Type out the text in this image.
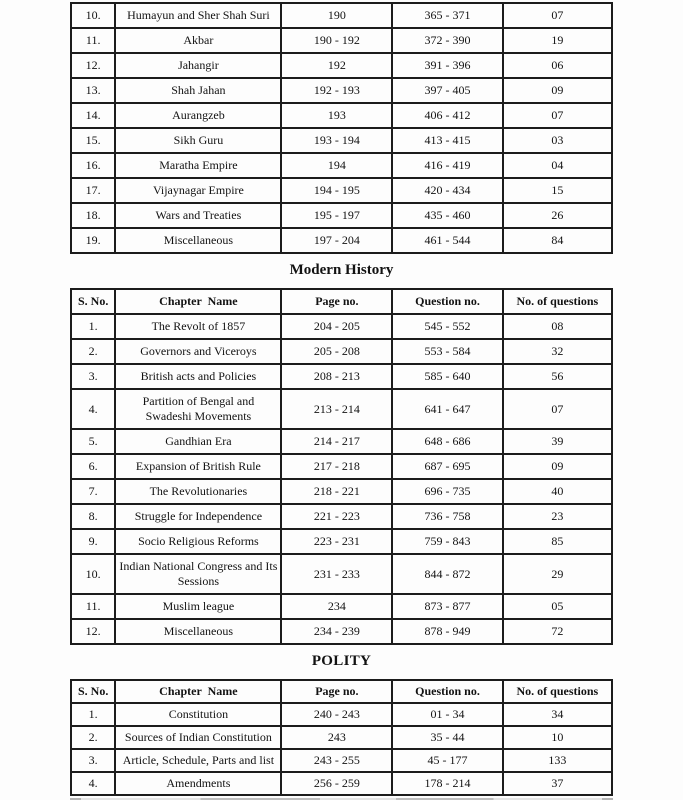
10.	Humayun and Sher Shah Suri	190	365 - 371	07
11.	Akbar	190 - 192	372 - 390	19
12.	Jahangir	192	391 - 396	06
13.	Shah Jahan	192 - 193	397 - 405	09
14.	Aurangzeb	193	406 - 412	07
15.	Sikh Guru	193 - 194	413 - 415	03
16.	Maratha Empire	194	416 - 419	04
17.	Vijaynagar Empire	194 - 195	420 - 434	15
18.	Wars and Treaties	195 - 197	435 - 460	26
19.	Miscellaneous	197 - 204	461 - 544	84
Modern History
S. No.	Chapter  Name	Page no.	Question no.	No. of questions
1.	The Revolt of 1857	204 - 205	545 - 552	08
2.	Governors and Viceroys	205 - 208	553 - 584	32
3.	British acts and Policies	208 - 213	585 - 640	56
4.	Partition of Bengal and Swadeshi Movements	213 - 214	641 - 647	07
5.	Gandhian Era	214 - 217	648 - 686	39
6.	Expansion of British Rule	217 - 218	687 - 695	09
7.	The Revolutionaries	218 - 221	696 - 735	40
8.	Struggle for Independence	221 - 223	736 - 758	23
9.	Socio Religious Reforms	223 - 231	759 - 843	85
10.	Indian National Congress and Its Sessions	231 - 233	844 - 872	29
11.	Muslim league	234	873 - 877	05
12.	Miscellaneous	234 - 239	878 - 949	72
POLITY
S. No.	Chapter  Name	Page no.	Question no.	No. of questions
1.	Constitution	240 - 243	01 - 34	34
2.	Sources of Indian Constitution	243	35 - 44	10
3.	Article, Schedule, Parts and list	243 - 255	45 - 177	133
4.	Amendments	256 - 259	178 - 214	37
